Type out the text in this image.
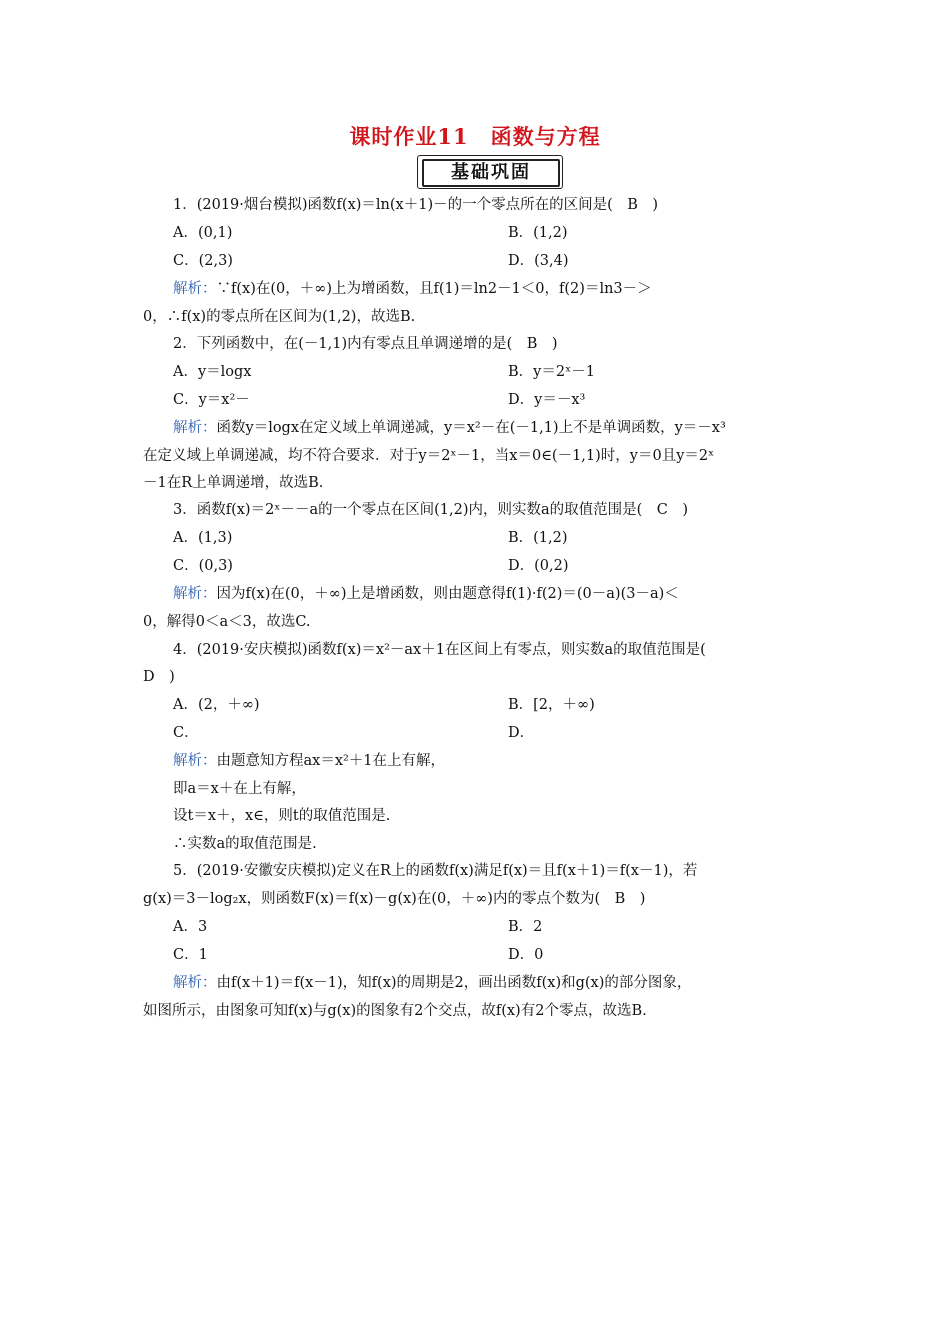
课时作业11　函数与方程
基础巩固
1．(2019·烟台模拟)函数f(x)＝ln(x＋1)－的一个零点所在的区间是(　B　)
A．(0,1)	B．(1,2)
C．(2,3)	D．(3,4)
解析：∵f(x)在(0，＋∞)上为增函数，且f(1)＝ln2－1＜0，f(2)＝ln3－＞
0，∴f(x)的零点所在区间为(1,2)，故选B.
2．下列函数中，在(－1,1)内有零点且单调递增的是(　B　)
A．y＝logx	B．y＝2ˣ－1
C．y＝x²－	D．y＝－x³
解析：函数y＝logx在定义域上单调递减，y＝x²－在(－1,1)上不是单调函数，y＝－x³
在定义域上单调递减，均不符合要求．对于y＝2ˣ－1，当x＝0∈(－1,1)时，y＝0且y＝2ˣ
－1在R上单调递增，故选B.
3．函数f(x)＝2ˣ－－a的一个零点在区间(1,2)内，则实数a的取值范围是(　C　)
A．(1,3)	B．(1,2)
C．(0,3)	D．(0,2)
解析：因为f(x)在(0，＋∞)上是增函数，则由题意得f(1)·f(2)＝(0－a)(3－a)＜
0，解得0＜a＜3，故选C.
4．(2019·安庆模拟)函数f(x)＝x²－ax＋1在区间上有零点，则实数a的取值范围是(
D　)
A．(2，＋∞)	B．[2，＋∞)
C．	D．
解析：由题意知方程ax＝x²＋1在上有解，
即a＝x＋在上有解，
设t＝x＋，x∈，则t的取值范围是.
∴实数a的取值范围是.
5．(2019·安徽安庆模拟)定义在R上的函数f(x)满足f(x)＝且f(x＋1)＝f(x－1)，若
g(x)＝3－log₂x，则函数F(x)＝f(x)－g(x)在(0，＋∞)内的零点个数为(　B　)
A．3	B．2
C．1	D．0
解析：由f(x＋1)＝f(x－1)，知f(x)的周期是2，画出函数f(x)和g(x)的部分图象，
如图所示，由图象可知f(x)与g(x)的图象有2个交点，故f(x)有2个零点，故选B.
